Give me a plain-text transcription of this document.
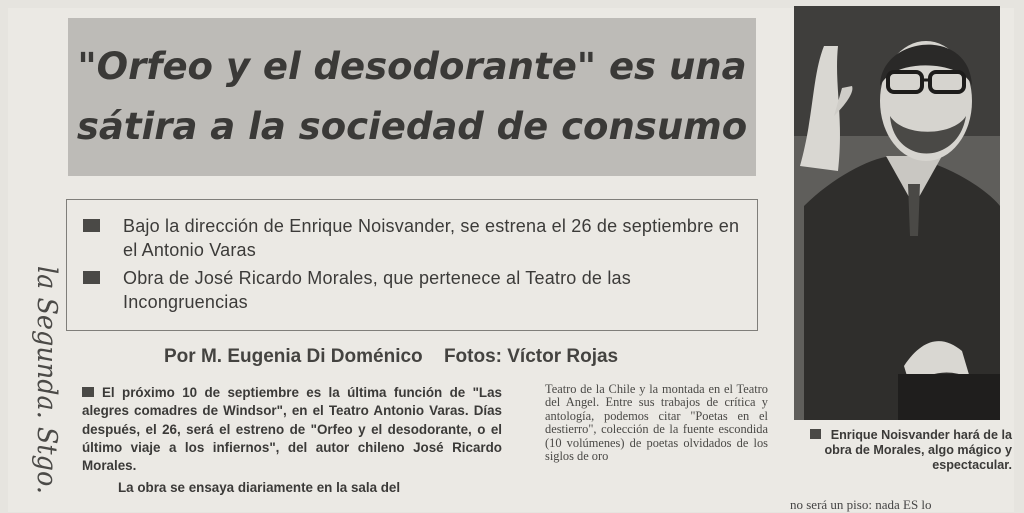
"Orfeo y el desodorante" es una
sátira a la sociedad de consumo
Bajo la dirección de Enrique Noisvander, se estrena el 26 de septiembre en el Antonio Varas
Obra de José Ricardo Morales, que pertenece al Teatro de las Incongruencias
Por M. Eugenia Di Doménico Fotos: Víctor Rojas
la Segunda. Stgo.	El próximo 10 de septiembre es la última función de "Las alegres comadres de Windsor", en el Teatro Antonio Varas. Días después, el 26, será el estreno de "Orfeo y el desodorante, o el último viaje a los infiernos", del autor chileno José Ricardo Morales.

La obra se ensaya diariamente en la sala del

Teatro de la Chile y la montada en el Teatro del Angel. Entre sus trabajos de crítica y antología, podemos citar "Poetas en el destierro", colección de la fuente escondida (10 volúmenes) de poetas olvidados de los siglos de oro
Enrique Noisvander hará de la obra de Morales, algo mágico y espectacular.
no será un piso: nada ES lo
